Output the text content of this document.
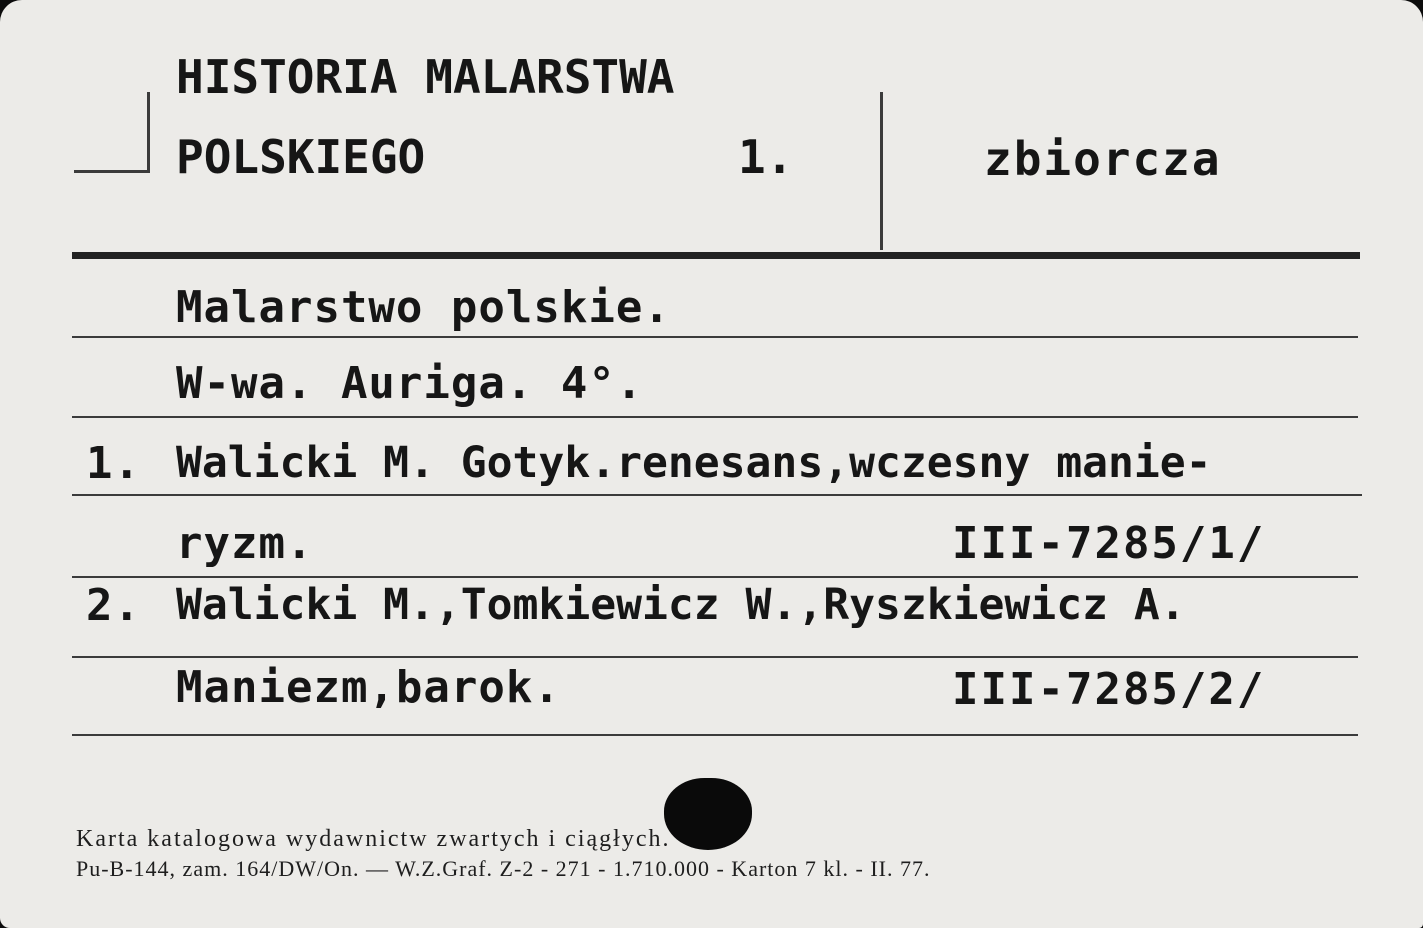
HISTORIA MALARSTWA
POLSKIEGO	1.	zbiorcza
Malarstwo polskie.
W-wa. Auriga. 4°.
1. Walicki M. Gotyk.renesans,wczesny manie-
ryzm.	III-7285/1/
2. Walicki M.,Tomkiewicz W.,Ryszkiewicz A.
Maniezm,barok.	III-7285/2/
Karta katalogowa wydawnictw zwartych i ciągłych.
Pu-B-144, zam. 164/DW/On. — W.Z.Graf. Z-2 - 271 - 1.710.000 - Karton 7 kl. - II. 77.
